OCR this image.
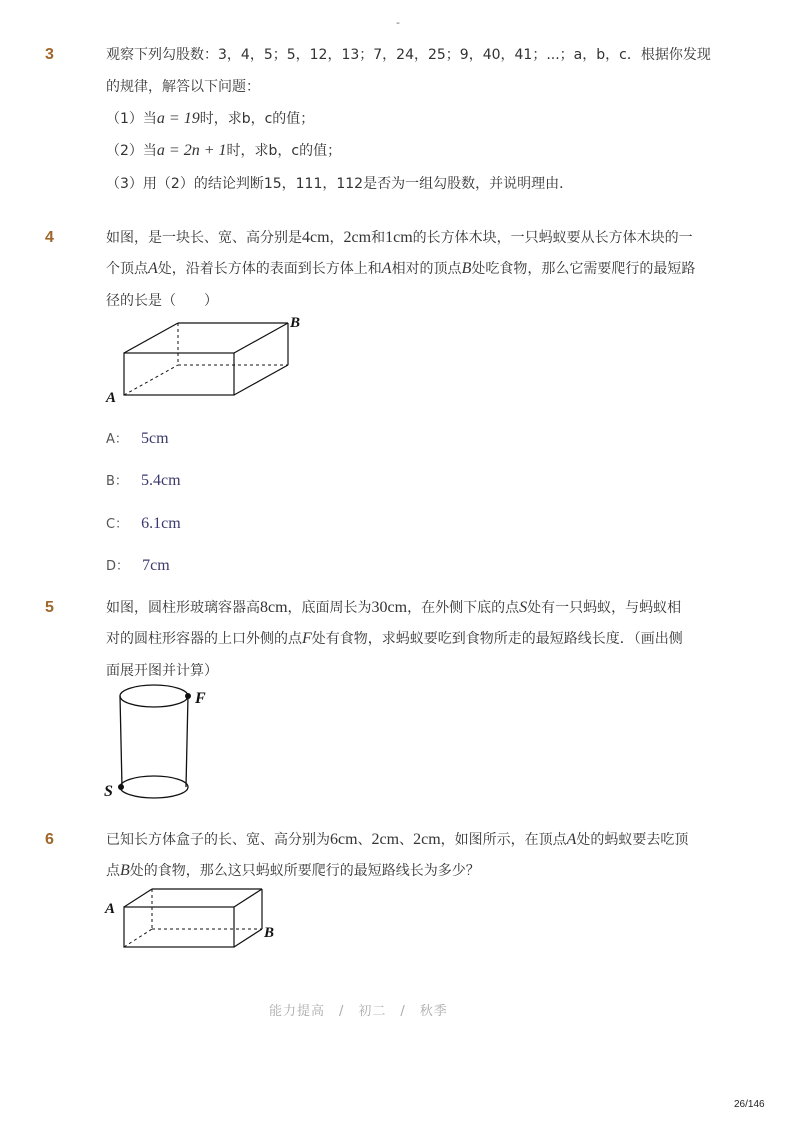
-
3	观察下列勾股数：3，4，5；5，12，13；7，24，25；9，40，41；...；a，b，c．根据你发现
的规律，解答以下问题：
（1）当a = 19时，求b，c的值；
（2）当a = 2n + 1时，求b，c的值；
（3）用（2）的结论判断15，111，112是否为一组勾股数，并说明理由．
4	如图，是一块长、宽、高分别是4cm，2cm和1cm的长方体木块，一只蚂蚁要从长方体木块的一
个顶点A处，沿着长方体的表面到长方体上和A相对的顶点B处吃食物，那么它需要爬行的最短路
径的长是（　　）
A
B
A： 5cm
B： 5.4cm
C： 6.1cm
D： 7cm
5	如图，圆柱形玻璃容器高8cm，底面周长为30cm，在外侧下底的点S处有一只蚂蚁，与蚂蚁相
对的圆柱形容器的上口外侧的点F处有食物，求蚂蚁要吃到食物所走的最短路线长度．（画出侧
面展开图并计算）
F
S
6	已知长方体盒子的长、宽、高分别为6cm、2cm、2cm，如图所示，在顶点A处的蚂蚁要去吃顶
点B处的食物，那么这只蚂蚁所要爬行的最短路线长为多少？
A
B
能力提高　/　初二　/　秋季
26/146
